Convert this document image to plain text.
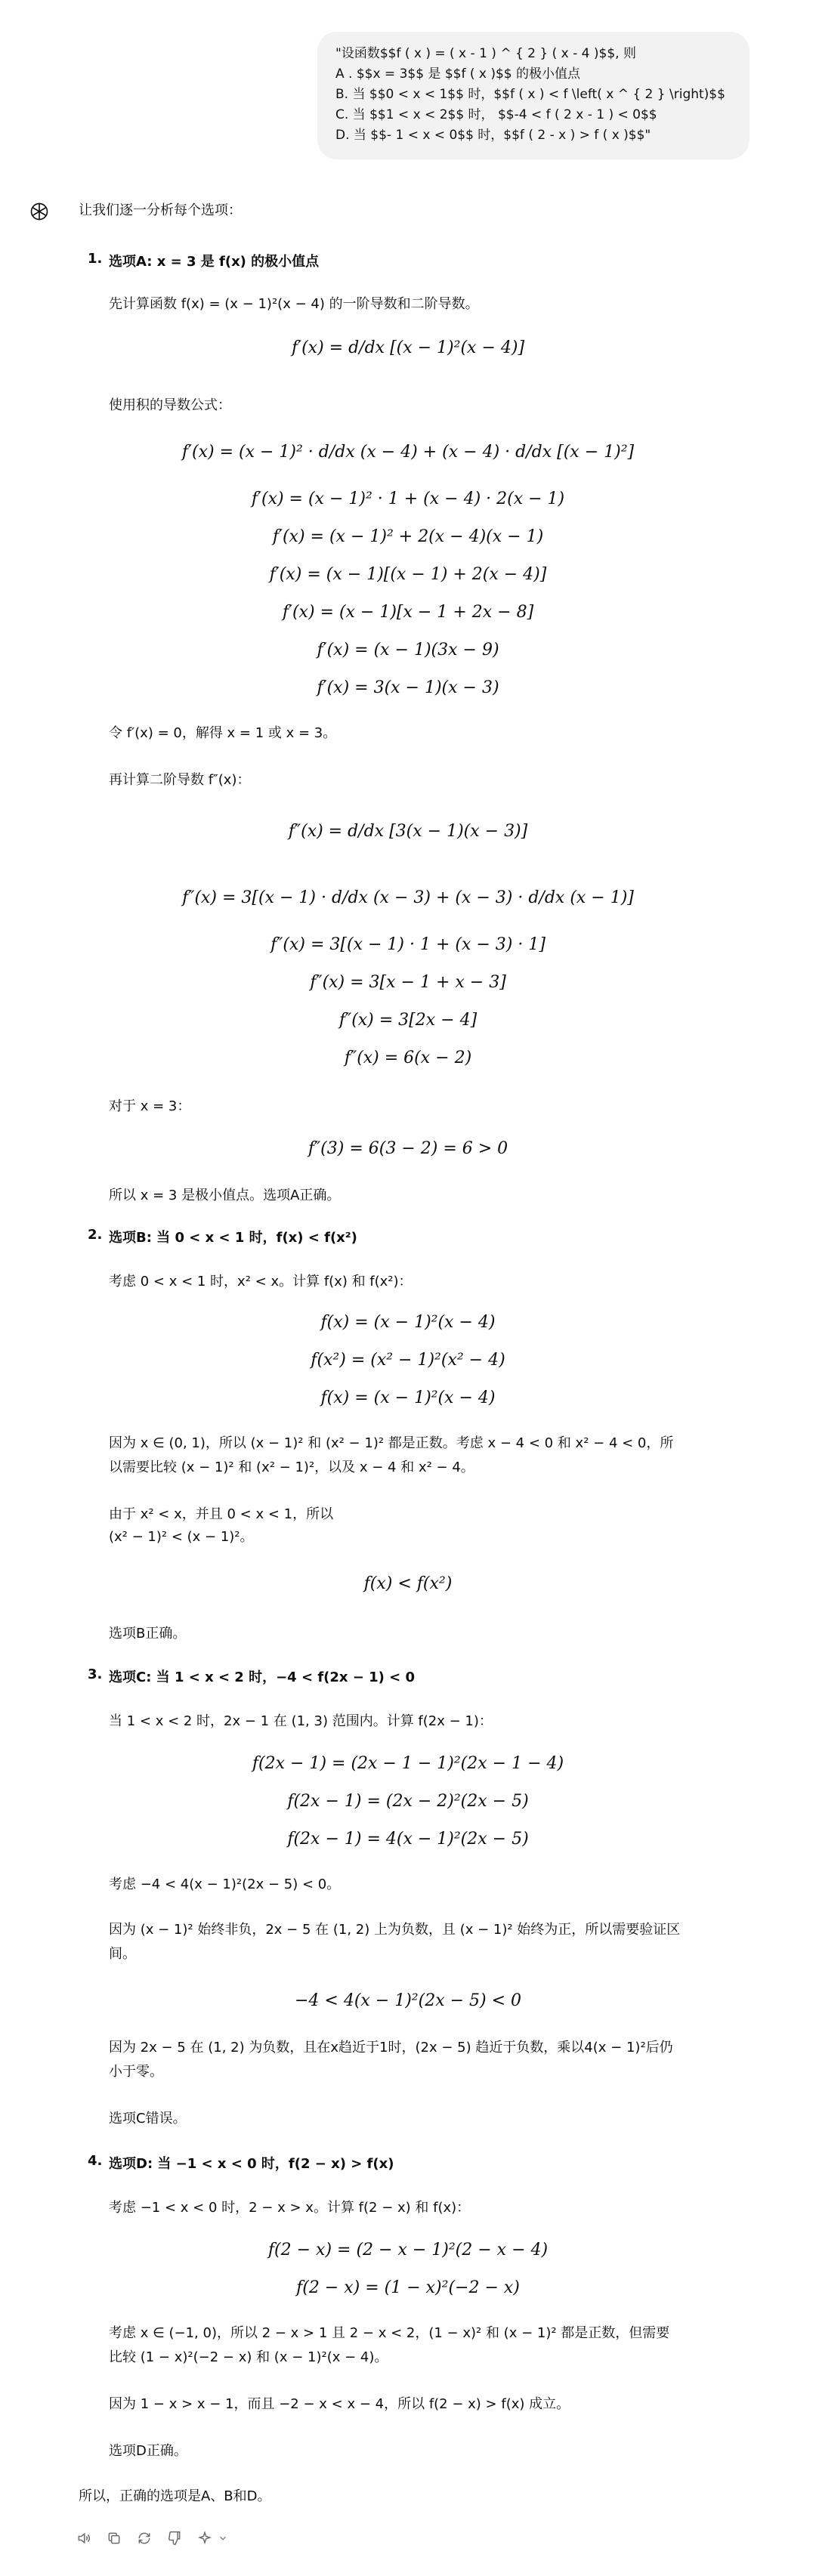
"设函数$$f ( x ) = ( x - 1 ) ^ { 2 } ( x - 4 )$$, 则
A . $$x = 3$$ 是 $$f ( x )$$ 的极小值点
B. 当 $$0 < x < 1$$ 时，$$f ( x ) < f \left( x ^ { 2 } \right)$$
C. 当 $$1 < x < 2$$ 时， $$-4 < f ( 2 x - 1 ) < 0$$
D. 当 $$- 1 < x < 0$$ 时，$$f ( 2 - x ) > f ( x )$$"
让我们逐一分析每个选项：
1. 选项A: x = 3 是 f(x) 的极小值点
先计算函数 f(x) = (x − 1)²(x − 4) 的一阶导数和二阶导数。
f′(x) = d/dx [(x − 1)²(x − 4)]
使用积的导数公式：
f′(x) = (x − 1)² · d/dx (x − 4) + (x − 4) · d/dx [(x − 1)²]
f′(x) = (x − 1)² · 1 + (x − 4) · 2(x − 1)
f′(x) = (x − 1)² + 2(x − 4)(x − 1)
f′(x) = (x − 1)[(x − 1) + 2(x − 4)]
f′(x) = (x − 1)[x − 1 + 2x − 8]
f′(x) = (x − 1)(3x − 9)
f′(x) = 3(x − 1)(x − 3)
令 f′(x) = 0，解得 x = 1 或 x = 3。
再计算二阶导数 f″(x)：
f″(x) = d/dx [3(x − 1)(x − 3)]
f″(x) = 3[(x − 1) · d/dx (x − 3) + (x − 3) · d/dx (x − 1)]
f″(x) = 3[(x − 1) · 1 + (x − 3) · 1]
f″(x) = 3[x − 1 + x − 3]
f″(x) = 3[2x − 4]
f″(x) = 6(x − 2)
对于 x = 3：
f″(3) = 6(3 − 2) = 6 > 0
所以 x = 3 是极小值点。选项A正确。
2. 选项B: 当 0 < x < 1 时，f(x) < f(x²)
考虑 0 < x < 1 时，x² < x。计算 f(x) 和 f(x²)：
f(x) = (x − 1)²(x − 4)
f(x²) = (x² − 1)²(x² − 4)
f(x) = (x − 1)²(x − 4)
因为 x ∈ (0, 1)，所以 (x − 1)² 和 (x² − 1)² 都是正数。考虑 x − 4 < 0 和 x² − 4 < 0，所
以需要比较 (x − 1)² 和 (x² − 1)²，以及 x − 4 和 x² − 4。
由于 x² < x，并且 0 < x < 1，所以
(x² − 1)² < (x − 1)²。
f(x) < f(x²)
选项B正确。
3. 选项C: 当 1 < x < 2 时，−4 < f(2x − 1) < 0
当 1 < x < 2 时，2x − 1 在 (1, 3) 范围内。计算 f(2x − 1)：
f(2x − 1) = (2x − 1 − 1)²(2x − 1 − 4)
f(2x − 1) = (2x − 2)²(2x − 5)
f(2x − 1) = 4(x − 1)²(2x − 5)
考虑 −4 < 4(x − 1)²(2x − 5) < 0。
因为 (x − 1)² 始终非负，2x − 5 在 (1, 2) 上为负数，且 (x − 1)² 始终为正，所以需要验证区
间。
−4 < 4(x − 1)²(2x − 5) < 0
因为 2x − 5 在 (1, 2) 为负数，且在x趋近于1时，(2x − 5) 趋近于负数，乘以4(x − 1)²后仍
小于零。
选项C错误。
4. 选项D: 当 −1 < x < 0 时，f(2 − x) > f(x)
考虑 −1 < x < 0 时，2 − x > x。计算 f(2 − x) 和 f(x)：
f(2 − x) = (2 − x − 1)²(2 − x − 4)
f(2 − x) = (1 − x)²(−2 − x)
考虑 x ∈ (−1, 0)，所以 2 − x > 1 且 2 − x < 2，(1 − x)² 和 (x − 1)² 都是正数，但需要
比较 (1 − x)²(−2 − x) 和 (x − 1)²(x − 4)。
因为 1 − x > x − 1，而且 −2 − x < x − 4，所以 f(2 − x) > f(x) 成立。
选项D正确。
所以，正确的选项是A、B和D。
